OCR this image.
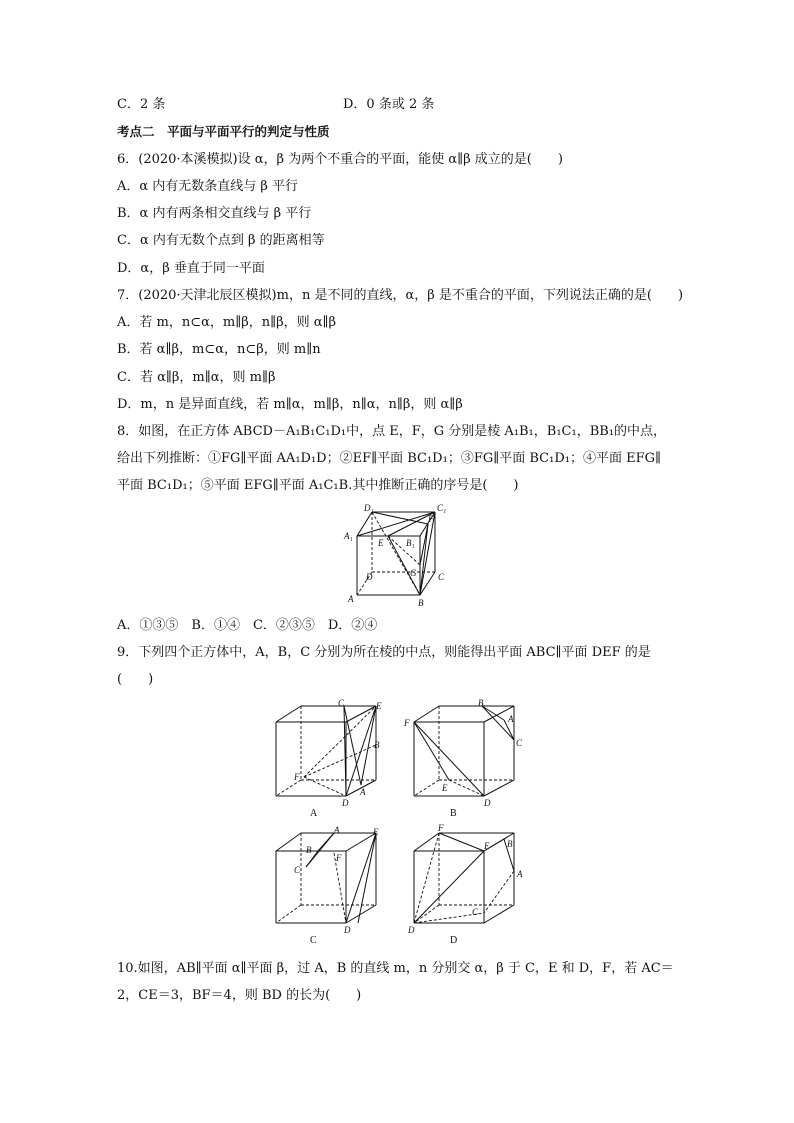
C．2 条	D．0 条或 2 条
考点二　平面与平面平行的判定与性质
6．(2020·本溪模拟)设 α，β 为两个不重合的平面，能使 α∥β 成立的是(　　)
A．α 内有无数条直线与 β 平行
B．α 内有两条相交直线与 β 平行
C．α 内有无数个点到 β 的距离相等
D．α，β 垂直于同一平面
7．(2020·天津北辰区模拟)m，n 是不同的直线，α，β 是不重合的平面，下列说法正确的是(　　)
A．若 m，n⊂α，m∥β，n∥β，则 α∥β
B．若 α∥β，m⊂α，n⊂β，则 m∥n
C．若 α∥β，m∥α，则 m∥β
D．m，n 是异面直线，若 m∥α，m∥β，n∥α，n∥β，则 α∥β
8．如图，在正方体 ABCD－A₁B₁C₁D₁中，点 E，F，G 分别是棱 A₁B₁，B₁C₁，BB₁的中点，
给出下列推断：①FG∥平面 AA₁D₁D；②EF∥平面 BC₁D₁；③FG∥平面 BC₁D₁；④平面 EFG∥
平面 BC₁D₁；⑤平面 EFG∥平面 A₁C₁B.其中推断正确的序号是(　　)
D₁	C₁
A₁
B₁
E
F
G
D	C
A	B
A．①③⑤　B．①④　C．②③⑤　D．②④
9．下列四个正方体中，A，B，C 分别为所在棱的中点，则能得出平面 ABC∥平面 DEF 的是
(　　)
C	E
B
F
D
A
A
B
A
C
F
E
D
B
A	E
B
F
C
D
C
F
E B
A
C
D
D
10.如图，AB∥平面 α∥平面 β，过 A，B 的直线 m，n 分别交 α，β 于 C，E 和 D，F，若 AC＝
2，CE＝3，BF＝4，则 BD 的长为(　　)
